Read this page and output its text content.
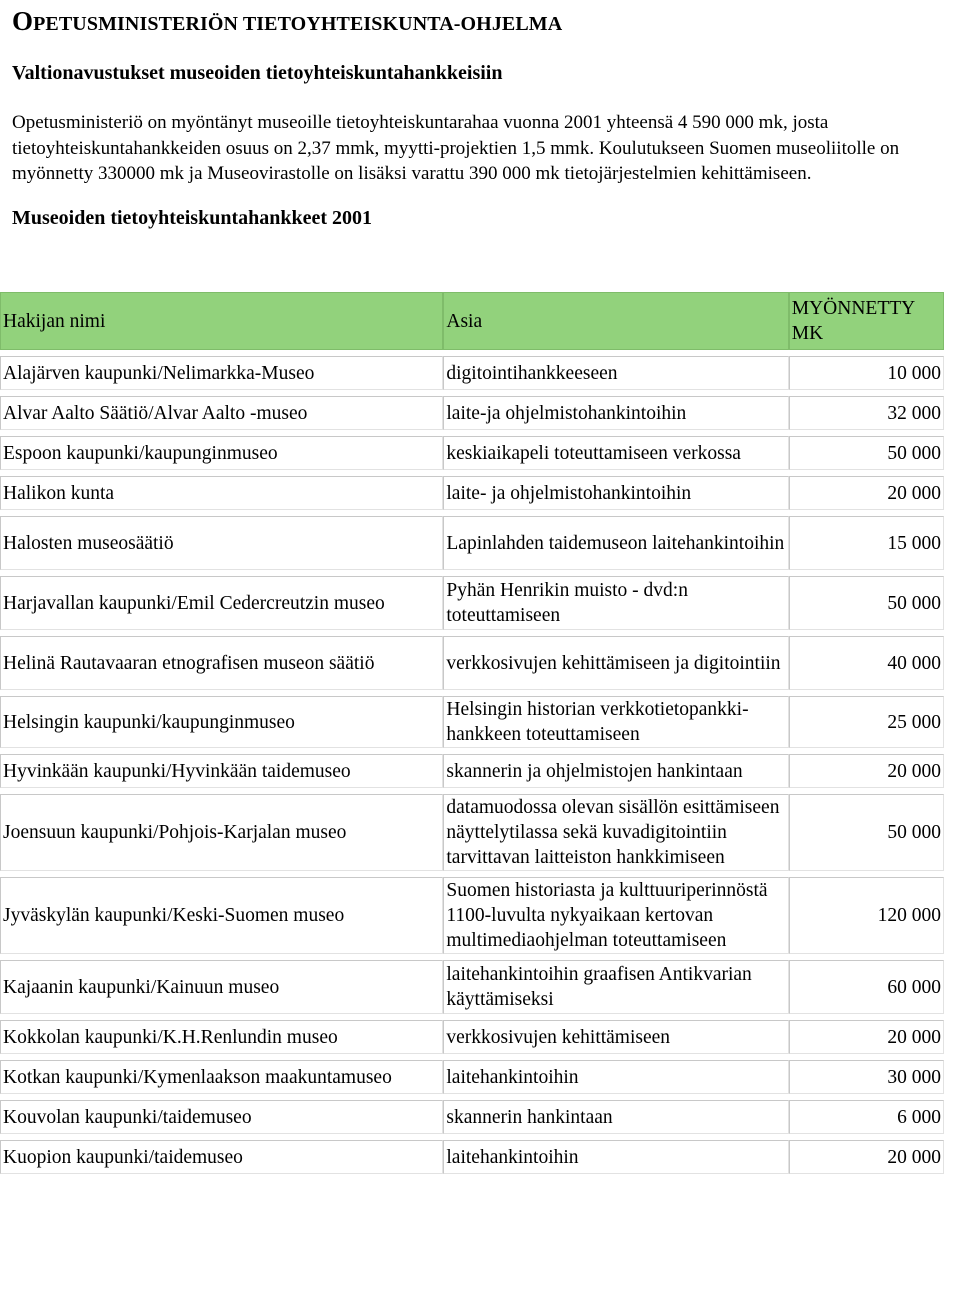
OPETUSMINISTERIÖN TIETOYHTEISKUNTA-OHJELMA
Valtionavustukset museoiden tietoyhteiskuntahankkeisiin

Opetusministeriö on myöntänyt museoille tietoyhteiskuntarahaa vuonna 2001 yhteensä 4 590 000 mk, josta tietoyhteiskuntahankkeiden osuus on 2,37 mmk, myytti-projektien 1,5 mmk. Koulutukseen Suomen museoliitolle on myönnetty 330000 mk ja Museovirastolle on lisäksi varattu 390 000 mk tietojärjestelmien kehittämiseen.

Museoiden tietoyhteiskuntahankkeet 2001
Hakijan nimi	Asia	MYÖNNETTY MK
Alajärven kaupunki/Nelimarkka-Museo	digitointihankkeeseen	10 000
Alvar Aalto Säätiö/Alvar Aalto -museo	laite-ja ohjelmistohankintoihin	32 000
Espoon kaupunki/kaupunginmuseo	keskiaikapeli toteuttamiseen verkossa	50 000
Halikon kunta	laite- ja ohjelmistohankintoihin	20 000
Halosten museosäätiö	Lapinlahden taidemuseon laitehankintoihin	15 000
Harjavallan kaupunki/Emil Cedercreutzin museo	Pyhän Henrikin muisto - dvd:n toteuttamiseen	50 000
Helinä Rautavaaran etnografisen museon säätiö	verkkosivujen kehittämiseen ja digitointiin	40 000
Helsingin kaupunki/kaupunginmuseo	Helsingin historian verkkotietopankki-hankkeen toteuttamiseen	25 000
Hyvinkään kaupunki/Hyvinkään taidemuseo	skannerin ja ohjelmistojen hankintaan	20 000
Joensuun kaupunki/Pohjois-Karjalan museo	datamuodossa olevan sisällön esittämiseen näyttelytilassa sekä kuvadigitointiin tarvittavan laitteiston hankkimiseen	50 000
Jyväskylän kaupunki/Keski-Suomen museo	Suomen historiasta ja kulttuuriperinnöstä 1100-luvulta nykyaikaan kertovan multimediaohjelman toteuttamiseen	120 000
Kajaanin kaupunki/Kainuun museo	laitehankintoihin graafisen Antikvarian käyttämiseksi	60 000
Kokkolan kaupunki/K.H.Renlundin museo	verkkosivujen kehittämiseen	20 000
Kotkan kaupunki/Kymenlaakson maakuntamuseo	laitehankintoihin	30 000
Kouvolan kaupunki/taidemuseo	skannerin hankintaan	6 000
Kuopion kaupunki/taidemuseo	laitehankintoihin	20 000
